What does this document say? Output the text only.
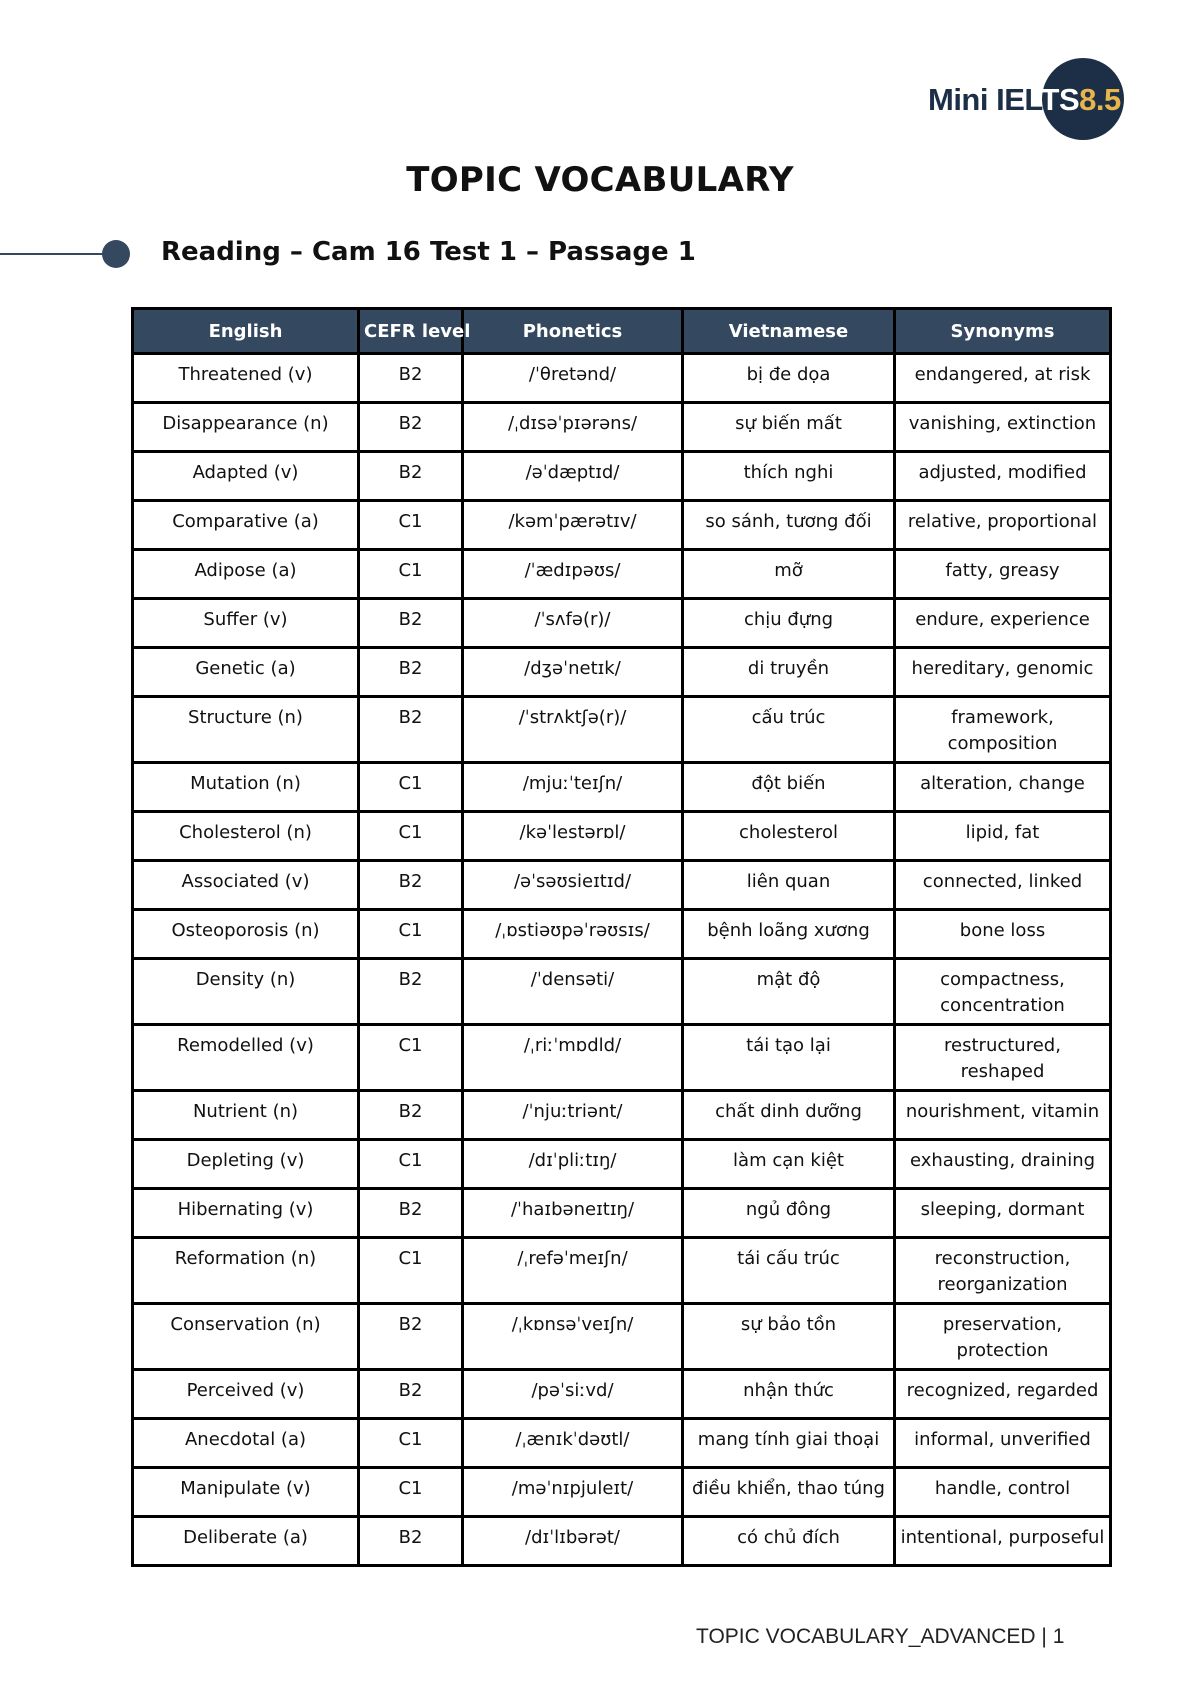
Mini IELTS8.5
TOPIC VOCABULARY
Reading – Cam 16 Test 1 – Passage 1
English	CEFR level	Phonetics	Vietnamese	Synonyms
Threatened (v)	B2	/ˈθretənd/	bị đe dọa	endangered, at risk
Disappearance (n)	B2	/ˌdɪsəˈpɪərəns/	sự biến mất	vanishing, extinction
Adapted (v)	B2	/əˈdæptɪd/	thích nghi	adjusted, modified
Comparative (a)	C1	/kəmˈpærətɪv/	so sánh, tương đối	relative, proportional
Adipose (a)	C1	/ˈædɪpəʊs/	mỡ	fatty, greasy
Suffer (v)	B2	/ˈsʌfə(r)/	chịu đựng	endure, experience
Genetic (a)	B2	/dʒəˈnetɪk/	di truyền	hereditary, genomic
Structure (n)	B2	/ˈstrʌktʃə(r)/	cấu trúc	framework, composition
Mutation (n)	C1	/mjuːˈteɪʃn/	đột biến	alteration, change
Cholesterol (n)	C1	/kəˈlestərɒl/	cholesterol	lipid, fat
Associated (v)	B2	/əˈsəʊsieɪtɪd/	liên quan	connected, linked
Osteoporosis (n)	C1	/ˌɒstiəʊpəˈrəʊsɪs/	bệnh loãng xương	bone loss
Density (n)	B2	/ˈdensəti/	mật độ	compactness, concentration
Remodelled (v)	C1	/ˌriːˈmɒdld/	tái tạo lại	restructured, reshaped
Nutrient (n)	B2	/ˈnjuːtriənt/	chất dinh dưỡng	nourishment, vitamin
Depleting (v)	C1	/dɪˈpliːtɪŋ/	làm cạn kiệt	exhausting, draining
Hibernating (v)	B2	/ˈhaɪbəneɪtɪŋ/	ngủ đông	sleeping, dormant
Reformation (n)	C1	/ˌrefəˈmeɪʃn/	tái cấu trúc	reconstruction, reorganization
Conservation (n)	B2	/ˌkɒnsəˈveɪʃn/	sự bảo tồn	preservation, protection
Perceived (v)	B2	/pəˈsiːvd/	nhận thức	recognized, regarded
Anecdotal (a)	C1	/ˌænɪkˈdəʊtl/	mang tính giai thoại	informal, unverified
Manipulate (v)	C1	/məˈnɪpjuleɪt/	điều khiển, thao túng	handle, control
Deliberate (a)	B2	/dɪˈlɪbərət/	có chủ đích	intentional, purposeful
TOPIC VOCABULARY_ADVANCED | 1
